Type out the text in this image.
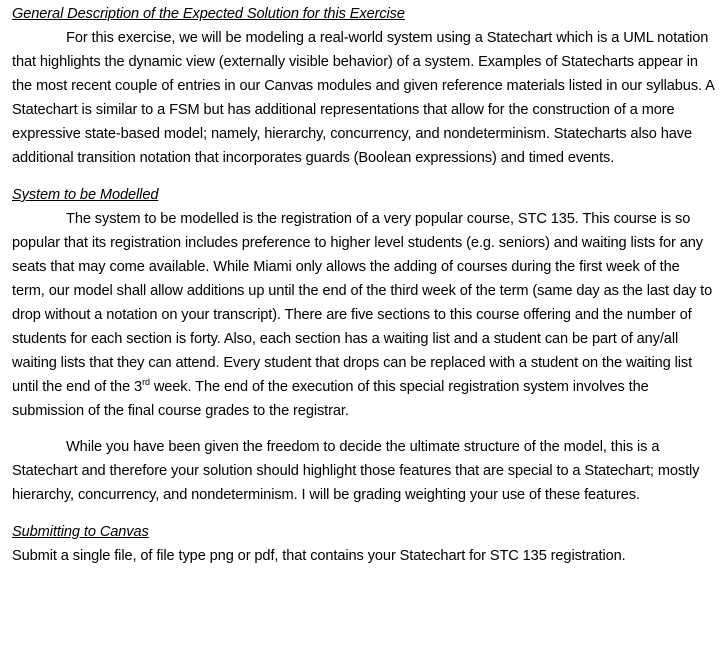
General Description of the Expected Solution for this Exercise

For this exercise, we will be modeling a real-world system using a Statechart which is a UML notation that highlights the dynamic view (externally visible behavior) of a system. Examples of Statecharts appear in the most recent couple of entries in our Canvas modules and given reference materials listed in our syllabus. A Statechart is similar to a FSM but has additional representations that allow for the construction of a more expressive state-based model; namely, hierarchy, concurrency, and nondeterminism. Statecharts also have additional transition notation that incorporates guards (Boolean expressions) and timed events.

System to be Modelled

The system to be modelled is the registration of a very popular course, STC 135. This course is so popular that its registration includes preference to higher level students (e.g. seniors) and waiting lists for any seats that may come available. While Miami only allows the adding of courses during the first week of the term, our model shall allow additions up until the end of the third week of the term (same day as the last day to drop without a notation on your transcript). There are five sections to this course offering and the number of students for each section is forty. Also, each section has a waiting list and a student can be part of any/all waiting lists that they can attend. Every student that drops can be replaced with a student on the waiting list until the end of the 3rd week. The end of the execution of this special registration system involves the submission of the final course grades to the registrar.

While you have been given the freedom to decide the ultimate structure of the model, this is a Statechart and therefore your solution should highlight those features that are special to a Statechart; mostly hierarchy, concurrency, and nondeterminism. I will be grading weighting your use of these features.

Submitting to Canvas

Submit a single file, of file type png or pdf, that contains your Statechart for STC 135 registration.
